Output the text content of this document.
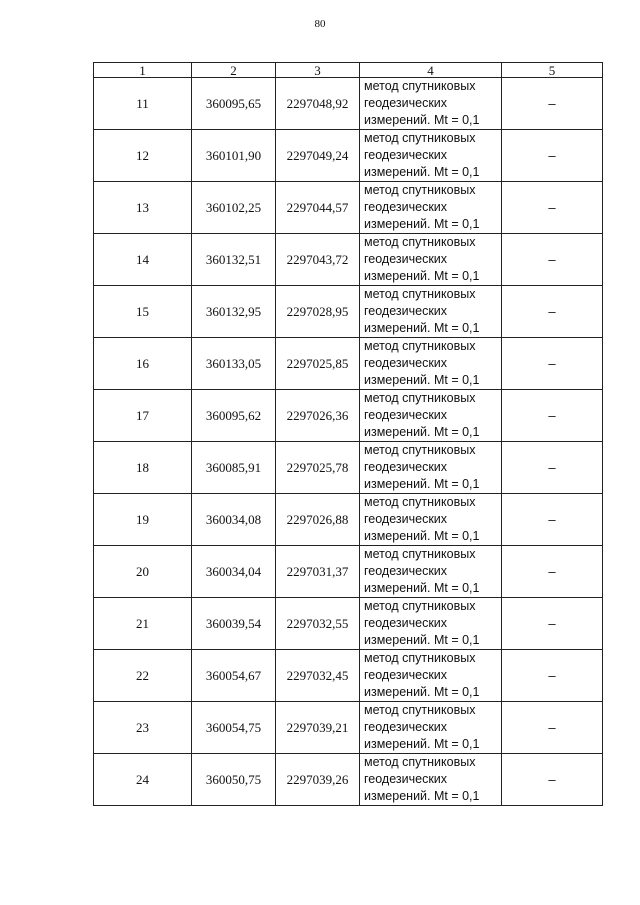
80
1	2	3	4	5
11	360095,65	2297048,92	метод спутниковых
геодезических
измерений. Mt = 0,1	–
12	360101,90	2297049,24	метод спутниковых
геодезических
измерений. Mt = 0,1	–
13	360102,25	2297044,57	метод спутниковых
геодезических
измерений. Mt = 0,1	–
14	360132,51	2297043,72	метод спутниковых
геодезических
измерений. Mt = 0,1	–
15	360132,95	2297028,95	метод спутниковых
геодезических
измерений. Mt = 0,1	–
16	360133,05	2297025,85	метод спутниковых
геодезических
измерений. Mt = 0,1	–
17	360095,62	2297026,36	метод спутниковых
геодезических
измерений. Mt = 0,1	–
18	360085,91	2297025,78	метод спутниковых
геодезических
измерений. Mt = 0,1	–
19	360034,08	2297026,88	метод спутниковых
геодезических
измерений. Mt = 0,1	–
20	360034,04	2297031,37	метод спутниковых
геодезических
измерений. Mt = 0,1	–
21	360039,54	2297032,55	метод спутниковых
геодезических
измерений. Mt = 0,1	–
22	360054,67	2297032,45	метод спутниковых
геодезических
измерений. Mt = 0,1	–
23	360054,75	2297039,21	метод спутниковых
геодезических
измерений. Mt = 0,1	–
24	360050,75	2297039,26	метод спутниковых
геодезических
измерений. Mt = 0,1	–
